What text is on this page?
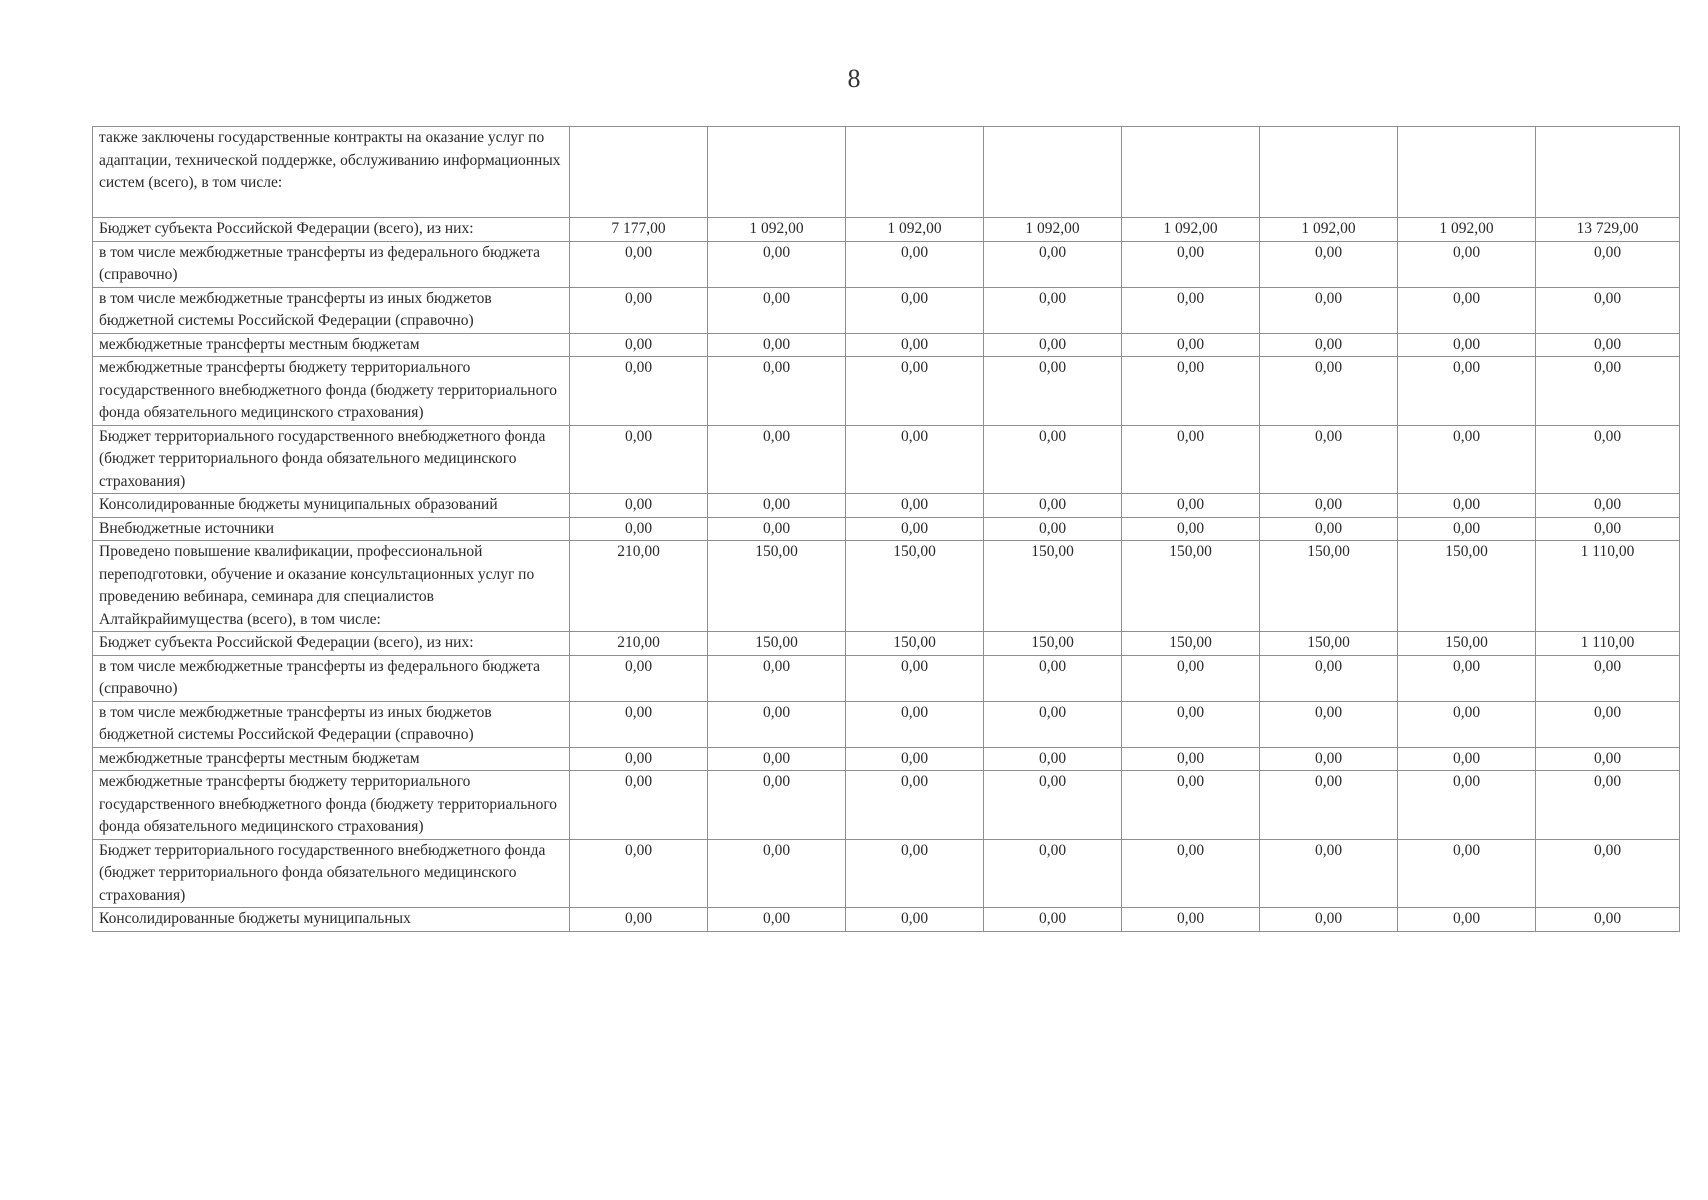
8
также заключены государственные контракты на оказание услуг по адаптации, технической поддержке, обслуживанию информационных систем (всего), в том числе:								
Бюджет субъекта Российской Федерации (всего), из них:	7 177,00	1 092,00	1 092,00	1 092,00	1 092,00	1 092,00	1 092,00	13 729,00
в том числе межбюджетные трансферты из федерального бюджета (справочно)	0,00	0,00	0,00	0,00	0,00	0,00	0,00	0,00
в том числе межбюджетные трансферты из иных бюджетов бюджетной системы Российской Федерации (справочно)	0,00	0,00	0,00	0,00	0,00	0,00	0,00	0,00
межбюджетные трансферты местным бюджетам	0,00	0,00	0,00	0,00	0,00	0,00	0,00	0,00
межбюджетные трансферты бюджету территориального государственного внебюджетного фонда (бюджету территориального фонда обязательного медицинского страхования)	0,00	0,00	0,00	0,00	0,00	0,00	0,00	0,00
Бюджет территориального государственного внебюджетного фонда (бюджет территориального фонда обязательного медицинского страхования)	0,00	0,00	0,00	0,00	0,00	0,00	0,00	0,00
Консолидированные бюджеты муниципальных образований	0,00	0,00	0,00	0,00	0,00	0,00	0,00	0,00
Внебюджетные источники	0,00	0,00	0,00	0,00	0,00	0,00	0,00	0,00
Проведено повышение квалификации, профессиональной переподготовки, обучение и оказание консультационных услуг по проведению вебинара, семинара для специалистов Алтайкрайимущества (всего), в том числе:	210,00	150,00	150,00	150,00	150,00	150,00	150,00	1 110,00
Бюджет субъекта Российской Федерации (всего), из них:	210,00	150,00	150,00	150,00	150,00	150,00	150,00	1 110,00
в том числе межбюджетные трансферты из федерального бюджета (справочно)	0,00	0,00	0,00	0,00	0,00	0,00	0,00	0,00
в том числе межбюджетные трансферты из иных бюджетов бюджетной системы Российской Федерации (справочно)	0,00	0,00	0,00	0,00	0,00	0,00	0,00	0,00
межбюджетные трансферты местным бюджетам	0,00	0,00	0,00	0,00	0,00	0,00	0,00	0,00
межбюджетные трансферты бюджету территориального государственного внебюджетного фонда (бюджету территориального фонда обязательного медицинского страхования)	0,00	0,00	0,00	0,00	0,00	0,00	0,00	0,00
Бюджет территориального государственного внебюджетного фонда (бюджет территориального фонда обязательного медицинского страхования)	0,00	0,00	0,00	0,00	0,00	0,00	0,00	0,00
Консолидированные бюджеты муниципальных	0,00	0,00	0,00	0,00	0,00	0,00	0,00	0,00
